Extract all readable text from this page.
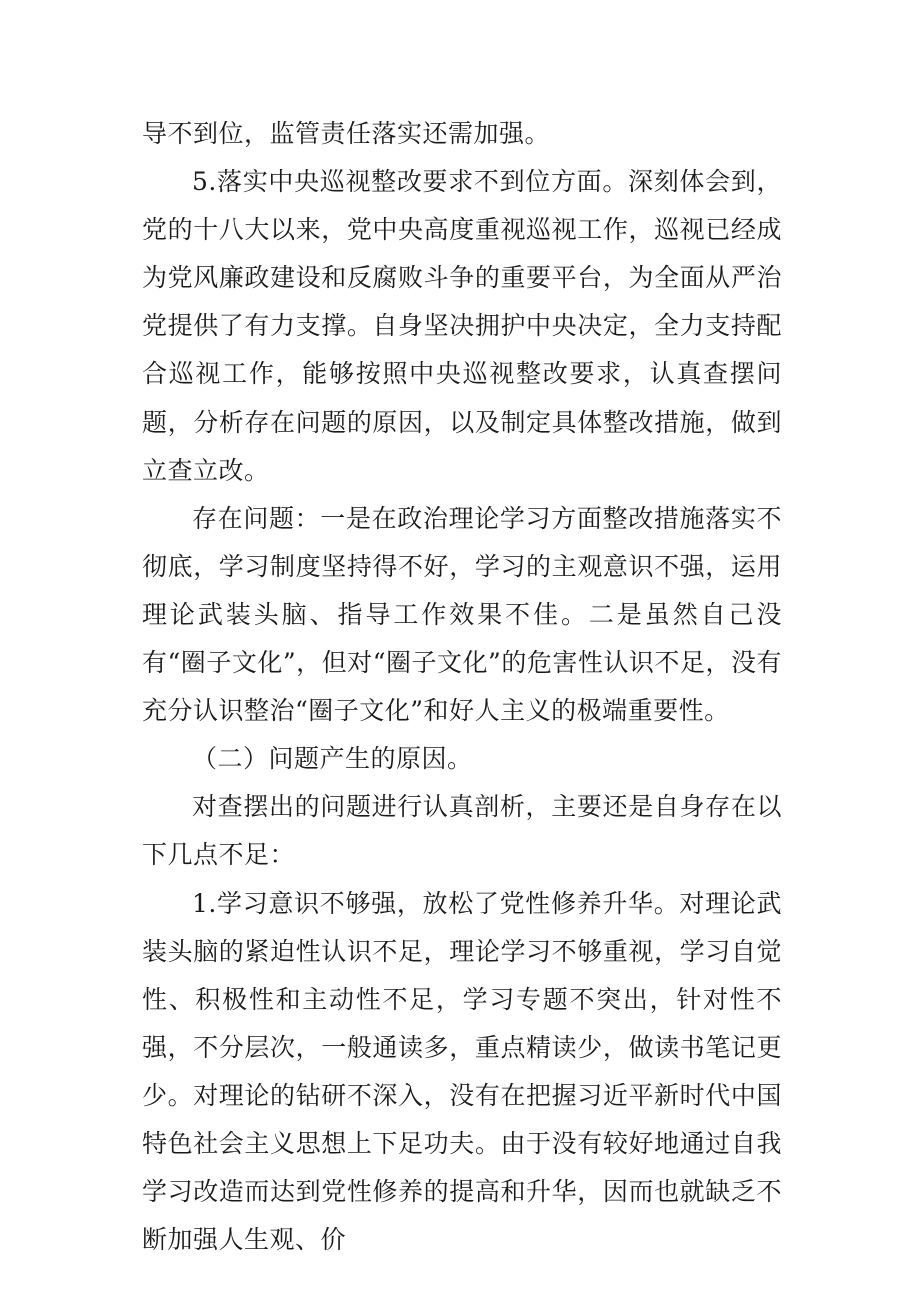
导不到位，监管责任落实还需加强。

5.落实中央巡视整改要求不到位方面。深刻体会到，党的十八大以来，党中央高度重视巡视工作，巡视已经成为党风廉政建设和反腐败斗争的重要平台，为全面从严治党提供了有力支撑。自身坚决拥护中央决定，全力支持配合巡视工作，能够按照中央巡视整改要求，认真查摆问题，分析存在问题的原因，以及制定具体整改措施，做到立查立改。

存在问题：一是在政治理论学习方面整改措施落实不彻底，学习制度坚持得不好，学习的主观意识不强，运用理论武装头脑、指导工作效果不佳。二是虽然自己没有“圈子文化”，但对“圈子文化”的危害性认识不足，没有充分认识整治“圈子文化”和好人主义的极端重要性。

（二）问题产生的原因。

对查摆出的问题进行认真剖析，主要还是自身存在以下几点不足：

1.学习意识不够强，放松了党性修养升华。对理论武装头脑的紧迫性认识不足，理论学习不够重视，学习自觉性、积极性和主动性不足，学习专题不突出，针对性不强，不分层次，一般通读多，重点精读少，做读书笔记更少。对理论的钻研不深入，没有在把握习近平新时代中国特色社会主义思想上下足功夫。由于没有较好地通过自我学习改造而达到党性修养的提高和升华，因而也就缺乏不断加强人生观、价
